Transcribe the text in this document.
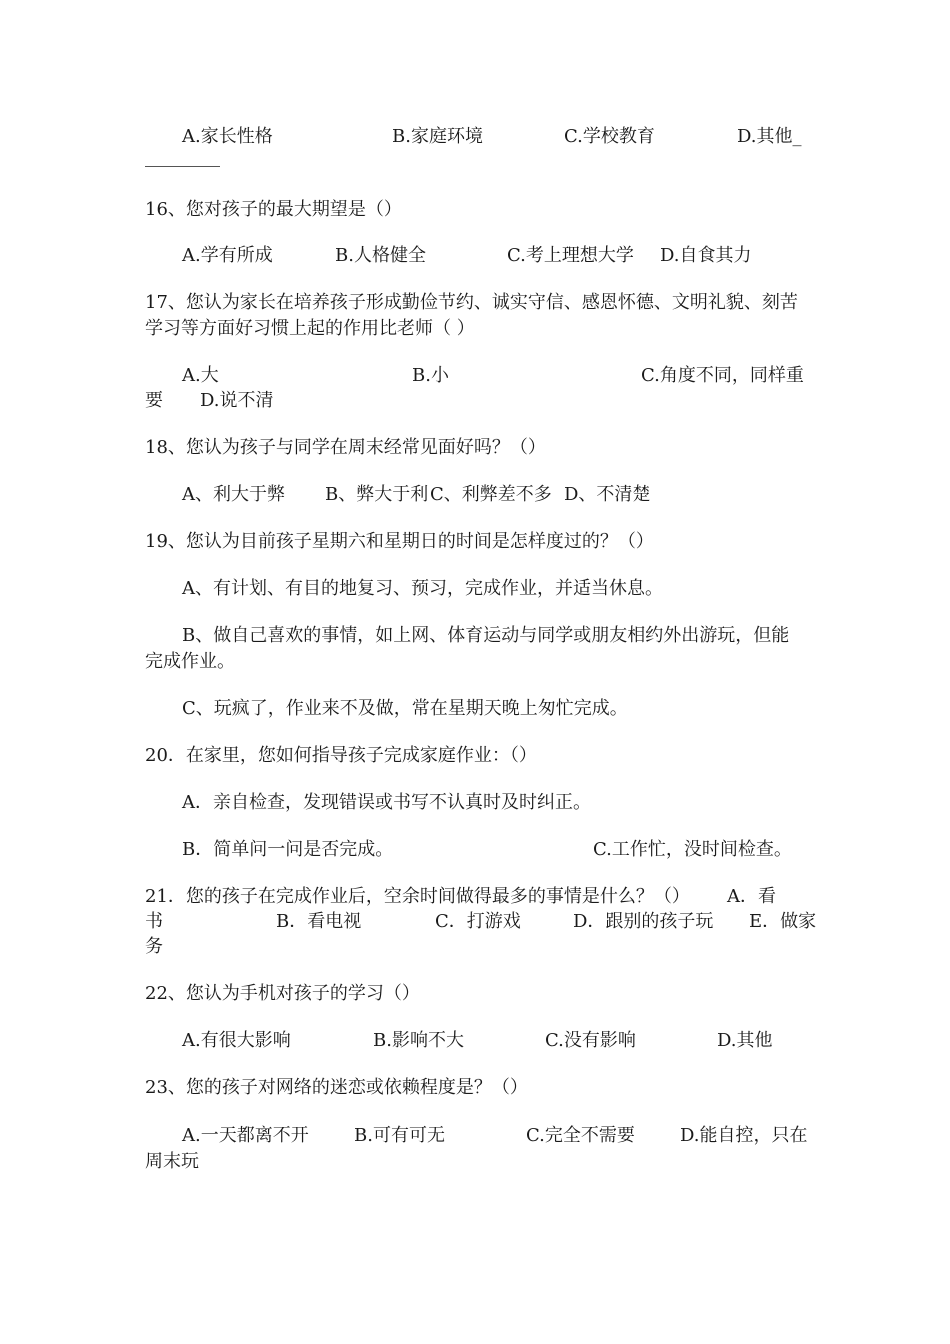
A.家长性格	B.家庭环境	C.学校教育	D.其他_
16、您对孩子的最大期望是（）
A.学有所成	B.人格健全	C.考上理想大学 D.自食其力
17、您认为家长在培养孩子形成勤俭节约、诚实守信、感恩怀德、文明礼貌、刻苦
学习等方面好习惯上起的作用比老师（ ）
A.大	B.小	C.角度不同，同样重
要 D.说不清
18、您认为孩子与同学在周末经常见面好吗？（）
A、利大于弊 B、弊大于利 C、利弊差不多 D、不清楚
19、您认为目前孩子星期六和星期日的时间是怎样度过的？（）
A、有计划、有目的地复习、预习，完成作业，并适当休息。
B、做自己喜欢的事情，如上网、体育运动与同学或朋友相约外出游玩，但能
完成作业。
C、玩疯了，作业来不及做，常在星期天晚上匆忙完成。
20．在家里，您如何指导孩子完成家庭作业：（）
A．亲自检查，发现错误或书写不认真时及时纠正。
B．简单问一问是否完成。	C.工作忙，没时间检查。
21．您的孩子在完成作业后，空余时间做得最多的事情是什么？（） A．看
书	B．看电视	C．打游戏	D．跟别的孩子玩 E．做家
务
22、您认为手机对孩子的学习（）
A.有很大影响	B.影响不大	C.没有影响	D.其他
23、您的孩子对网络的迷恋或依赖程度是？（）
A.一天都离不开	B.可有可无	C.完全不需要	D.能自控，只在
周末玩
